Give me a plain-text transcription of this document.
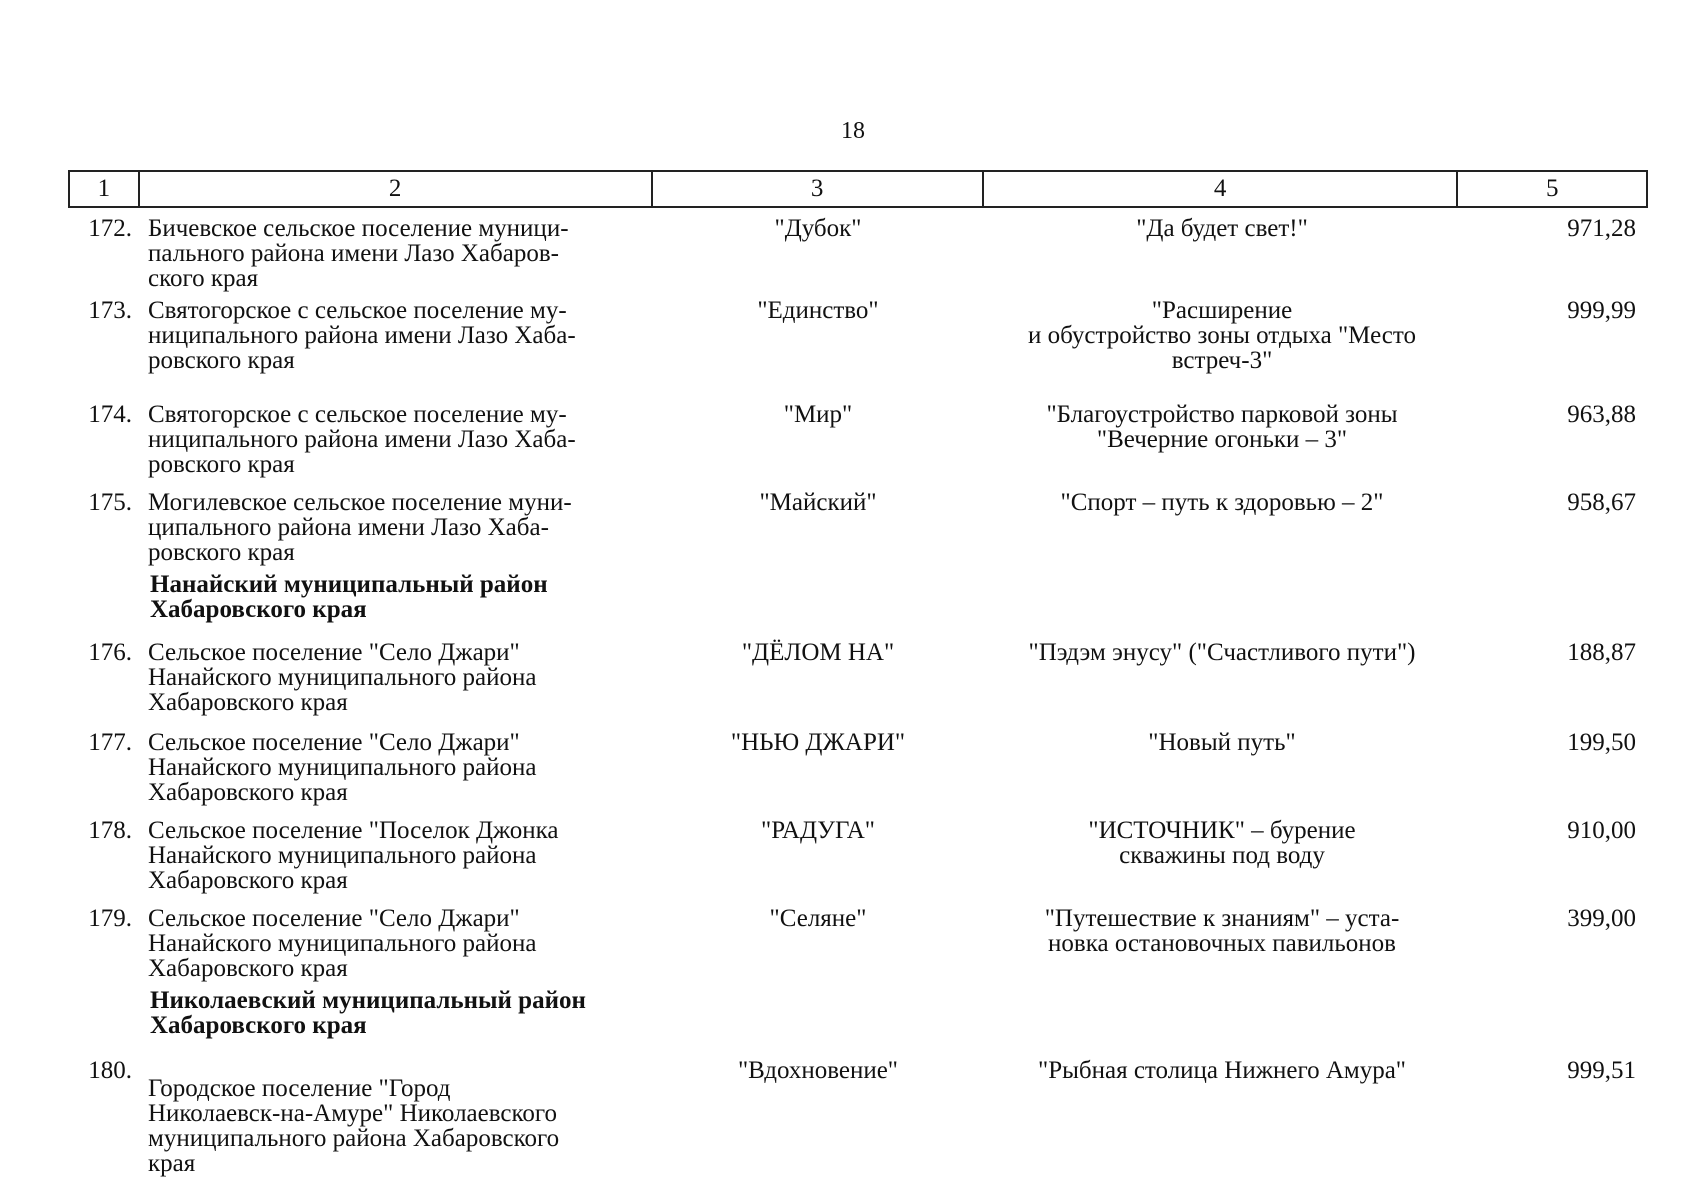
18
1	2	3	4	5
172. Бичевское сельское поселение муници-
пального района имени Лазо Хабаров-
ского края
"Дубок"	"Да будет свет!"	971,28
173. Святогорское с сельское поселение му-
ниципального района имени Лазо Хаба-
ровского края
"Единство"	"Расширение
и обустройство зоны отдыха "Место
встреч-3"
999,99
174. Святогорское с сельское поселение му-
ниципального района имени Лазо Хаба-
ровского края
"Мир"	"Благоустройство парковой зоны
"Вечерние огоньки – 3"
963,88
175. Могилевское сельское поселение муни-
ципального района имени Лазо Хаба-
ровского края
"Майский"	"Спорт – путь к здоровью – 2"	958,67
Нанайский муниципальный район
Хабаровского края
176. Сельское поселение "Село Джари"
Нанайского муниципального района
Хабаровского края
"ДЁЛОМ НА"	"Пэдэм энусу" ("Счастливого пути")	188,87
177. Сельское поселение "Село Джари"
Нанайского муниципального района
Хабаровского края
"НЬЮ ДЖАРИ"	"Новый путь"	199,50
178. Сельское поселение "Поселок Джонка
Нанайского муниципального района
Хабаровского края
"РАДУГА"	"ИСТОЧНИК" – бурение
скважины под воду
910,00
179. Сельское поселение "Село Джари"
Нанайского муниципального района
Хабаровского края
"Селяне"	"Путешествие к знаниям" – уста-
новка остановочных павильонов
399,00
Николаевский муниципальный район
Хабаровского края
180.
Городское поселение "Город
Николаевск-на-Амуре" Николаевского
муниципального района Хабаровского
края
"Вдохновение"	"Рыбная столица Нижнего Амура"	999,51
